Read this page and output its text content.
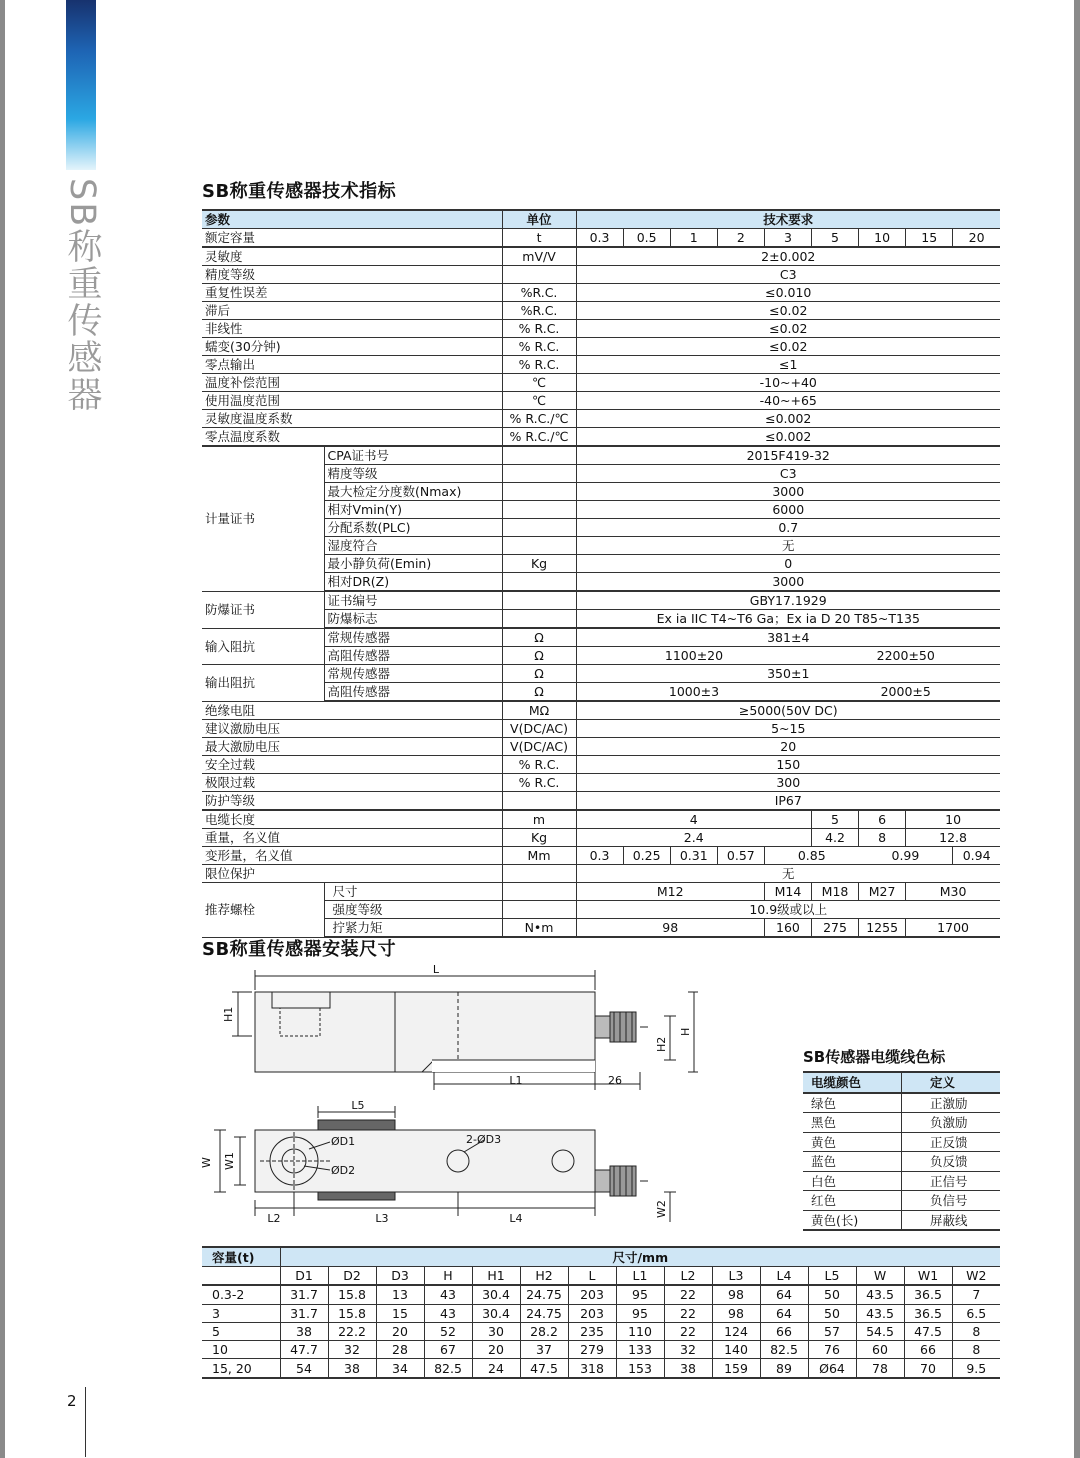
SB称重传感器
2
SB称重传感器技术指标
参数		单位	技术要求								
额定容量		t	0.3	0.5	1	2	3	5	10	15	20
灵敏度		mV/V	2±0.002								
精度等级			C3								
重复性误差		%R.C.	≤0.010								
滞后		%R.C.	≤0.02								
非线性		% R.C.	≤0.02								
蠕变(30分钟)		% R.C.	≤0.02								
零点输出		% R.C.	≤1								
温度补偿范围		℃	-10~+40								
使用温度范围		℃	-40~+65								
灵敏度温度系数		% R.C./℃	≤0.002								
零点温度系数		% R.C./℃	≤0.002								
计量证书	CPA证书号		2015F419-32								
	精度等级		C3								
	最大检定分度数(Nmax)		3000								
	相对Vmin(Y)		6000								
	分配系数(PLC)		0.7								
	湿度符合		无								
	最小静负荷(Emin)	Kg	0								
	相对DR(Z)		3000								
防爆证书	证书编号		GBY17.1929								
	防爆标志		Ex ia IIC T4~T6 Ga；Ex ia D 20 T85~T135								
输入阻抗	常规传感器	Ω	381±4								
	高阻传感器	Ω	1100±20					2200±50			
输出阻抗	常规传感器	Ω	350±1								
	高阻传感器	Ω	1000±3					2000±5			
绝缘电阻		MΩ	≥5000(50V DC)								
建议激励电压		V(DC/AC)	5~15								
最大激励电压		V(DC/AC)	20								
安全过载		% R.C.	150								
极限过载		% R.C.	300								
防护等级			IP67								
电缆长度		m	4					5	6	10	
重量，名义值		Kg	2.4					4.2	8	12.8	
变形量，名义值		Mm	0.3	0.25	0.31	0.57	0.85		0.99		0.94
限位保护			无								
推荐螺栓	尺寸		M12				M14	M18	M27	M30	
	强度等级		10.9级或以上								
	拧紧力矩	N•m	98				160	275	1255	1700	
SB称重传感器安装尺寸
L
H1
H
H2
L1	26
L5
ØD1
ØD2
2-ØD3
W W1
W2
L2	L3	L4
SB传感器电缆线色标
电缆颜色	定义
绿色	正激励
黑色	负激励
黄色	正反馈
蓝色	负反馈
白色	正信号
红色	负信号
黄色(长)	屏蔽线
容量(t)	尺寸/mm														
	D1	D2	D3	H	H1	H2	L	L1	L2	L3	L4	L5	W	W1	W2
0.3-2	31.7	15.8	13	43	30.4	24.75	203	95	22	98	64	50	43.5	36.5	7
3	31.7	15.8	15	43	30.4	24.75	203	95	22	98	64	50	43.5	36.5	6.5
5	38	22.2	20	52	30	28.2	235	110	22	124	66	57	54.5	47.5	8
10	47.7	32	28	67	20	37	279	133	32	140	82.5	76	60	66	8
15, 20	54	38	34	82.5	24	47.5	318	153	38	159	89	Ø64	78	70	9.5
